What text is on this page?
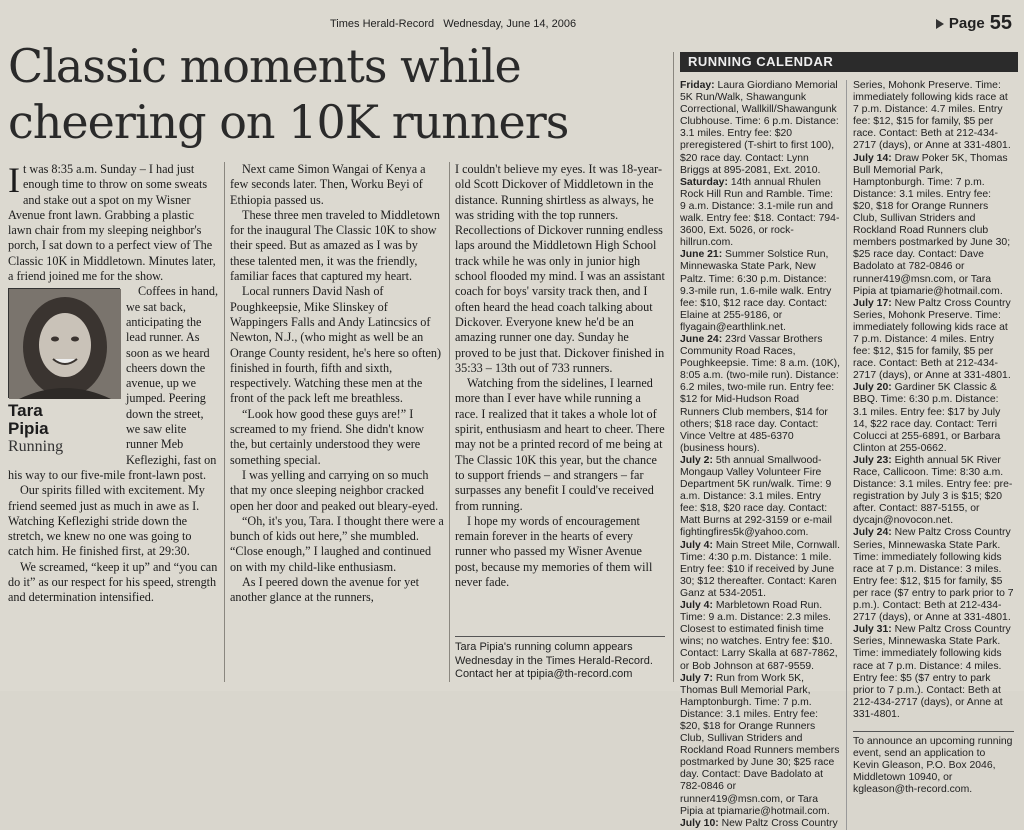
Times Herald-Record Wednesday, June 14, 2006	Page 55
Classic moments while
cheering on 10K runners

I t was 8:35 a.m. Sunday – I had just enough time to throw on some sweats and stake out a spot on my Wisner Avenue front lawn. Grabbing a plastic lawn chair from my sleeping neighbor's porch, I sat down to a perfect view of The Classic 10K in Middletown. Minutes later, a friend joined me for the show.

Tara
Pipia
Running

Coffees in hand, we sat back, anticipating the lead runner. As soon as we heard cheers down the avenue, up we jumped. Peering down the street, we saw elite runner Meb Keflezighi, fast on his way to our five-mile front-lawn post.

Our spirits filled with excitement. My friend seemed just as much in awe as I. Watching Keflezighi stride down the stretch, we knew no one was going to catch him. He finished first, at 29:30.

We screamed, “keep it up” and “you can do it” as our respect for his speed, strength and determination intensified.

Next came Simon Wangai of Kenya a few seconds later. Then, Worku Beyi of Ethiopia passed us.

These three men traveled to Middletown for the inaugural The Classic 10K to show their speed. But as amazed as I was by these talented men, it was the friendly, familiar faces that captured my heart.

Local runners David Nash of Poughkeepsie, Mike Slinskey of Wappingers Falls and Andy Latincsics of Newton, N.J., (who might as well be an Orange County resident, he's here so often) finished in fourth, fifth and sixth, respectively. Watching these men at the front of the pack left me breathless.

“Look how good these guys are!” I screamed to my friend. She didn't know the, but certainly understood they were something special.

I was yelling and carrying on so much that my once sleeping neighbor cracked open her door and peaked out bleary-eyed.

“Oh, it's you, Tara. I thought there were a bunch of kids out here,” she mumbled. “Close enough,” I laughed and continued on with my child-like enthusiasm.

As I peered down the avenue for yet another glance at the runners,

I couldn't believe my eyes. It was 18-year-old Scott Dickover of Middletown in the distance. Running shirtless as always, he was striding with the top runners. Recollections of Dickover running endless laps around the Middletown High School track while he was only in junior high school flooded my mind. I was an assistant coach for boys' varsity track then, and I often heard the head coach talking about Dickover. Everyone knew he'd be an amazing runner one day. Sunday he proved to be just that. Dickover finished in 35:33 – 13th out of 733 runners.

Watching from the sidelines, I learned more than I ever have while running a race. I realized that it takes a whole lot of spirit, enthusiasm and heart to cheer. There may not be a printed record of me being at The Classic 10K this year, but the chance to support friends – and strangers – far surpasses any benefit I could've received from running.

I hope my words of encouragement remain forever in the hearts of every runner who passed my Wisner Avenue post, because my memories of them will never fade.

Tara Pipia's running column appears Wednesday in the Times Herald-Record. Contact her at tpipia@th-record.com
RUNNING CALENDAR
Friday: Laura Giordiano Memorial 5K Run/Walk, Shawangunk Correctional, Wallkill/Shawangunk Clubhouse. Time: 6 p.m. Distance: 3.1 miles. Entry fee: $20 preregistered (T-shirt to first 100), $20 race day. Contact: Lynn Briggs at 895-2081, Ext. 2010.
Saturday: 14th annual Rhulen Rock Hill Run and Ramble. Time: 9 a.m. Distance: 3.1-mile run and walk. Entry fee: $18. Contact: 794-3600, Ext. 5026, or rock-hillrun.com.
June 21: Summer Solstice Run, Minnewaska State Park, New Paltz. Time: 6:30 p.m. Distance: 9.3-mile run, 1.6-mile walk. Entry fee: $10, $12 race day. Contact: Elaine at 255-9186, or flyagain@earthlink.net.
June 24: 23rd Vassar Brothers Community Road Races, Poughkeepsie. Time: 8 a.m. (10K), 8:05 a.m. (two-mile run). Distance: 6.2 miles, two-mile run. Entry fee: $12 for Mid-Hudson Road Runners Club members, $14 for others; $18 race day. Contact: Vince Veltre at 485-6370 (business hours).
July 2: 5th annual Smallwood-Mongaup Valley Volunteer Fire Department 5K run/walk. Time: 9 a.m. Distance: 3.1 miles. Entry fee: $18, $20 race day. Contact: Matt Burns at 292-3159 or e-mail fightingfires5k@yahoo.com.
July 4: Main Street Mile, Cornwall. Time: 4:30 p.m. Distance: 1 mile. Entry fee: $10 if received by June 30; $12 thereafter. Contact: Karen Ganz at 534-2051.
July 4: Marbletown Road Run. Time: 9 a.m. Distance: 2.3 miles. Closest to estimated finish time wins; no watches. Entry fee: $10. Contact: Larry Skalla at 687-7862, or Bob Johnson at 687-9559.
July 7: Run from Work 5K, Thomas Bull Memorial Park, Hamptonburgh. Time: 7 p.m. Distance: 3.1 miles. Entry fee: $20, $18 for Orange Runners Club, Sullivan Striders and Rockland Road Runners members postmarked by June 30; $25 race day. Contact: Dave Badolato at 782-0846 or runner419@msn.com, or Tara Pipia at tpiamarie@hotmail.com.
July 10: New Paltz Cross Country
Series, Mohonk Preserve. Time: immediately following kids race at 7 p.m. Distance: 4.7 miles. Entry fee: $12, $15 for family, $5 per race. Contact: Beth at 212-434-2717 (days), or Anne at 331-4801.
July 14: Draw Poker 5K, Thomas Bull Memorial Park, Hamptonburgh. Time: 7 p.m. Distance: 3.1 miles. Entry fee: $20, $18 for Orange Runners Club, Sullivan Striders and Rockland Road Runners club members postmarked by June 30; $25 race day. Contact: Dave Badolato at 782-0846 or runner419@msn.com, or Tara Pipia at tpiamarie@hotmail.com.
July 17: New Paltz Cross Country Series, Mohonk Preserve. Time: immediately following kids race at 7 p.m. Distance: 4 miles. Entry fee: $12, $15 for family, $5 per race. Contact: Beth at 212-434-2717 (days), or Anne at 331-4801.
July 20: Gardiner 5K Classic & BBQ. Time: 6:30 p.m. Distance: 3.1 miles. Entry fee: $17 by July 14, $22 race day. Contact: Terri Colucci at 255-6891, or Barbara Clinton at 255-0662.
July 23: Eighth annual 5K River Race, Callicoon. Time: 8:30 a.m. Distance: 3.1 miles. Entry fee: pre-registration by July 3 is $15; $20 after. Contact: 887-5155, or dycajn@novocon.net.
July 24: New Paltz Cross Country Series, Minnewaska State Park. Time: immediately following kids race at 7 p.m. Distance: 3 miles. Entry fee: $12, $15 for family, $5 per race ($7 entry to park prior to 7 p.m.). Contact: Beth at 212-434-2717 (days), or Anne at 331-4801.
July 31: New Paltz Cross Country Series, Minnewaska State Park. Time: immediately following kids race at 7 p.m. Distance: 4 miles. Entry fee: $5 ($7 entry to park prior to 7 p.m.). Contact: Beth at 212-434-2717 (days), or Anne at 331-4801.
To announce an upcoming running event, send an application to Kevin Gleason, P.O. Box 2046, Middletown 10940, or kgleason@th-record.com.
